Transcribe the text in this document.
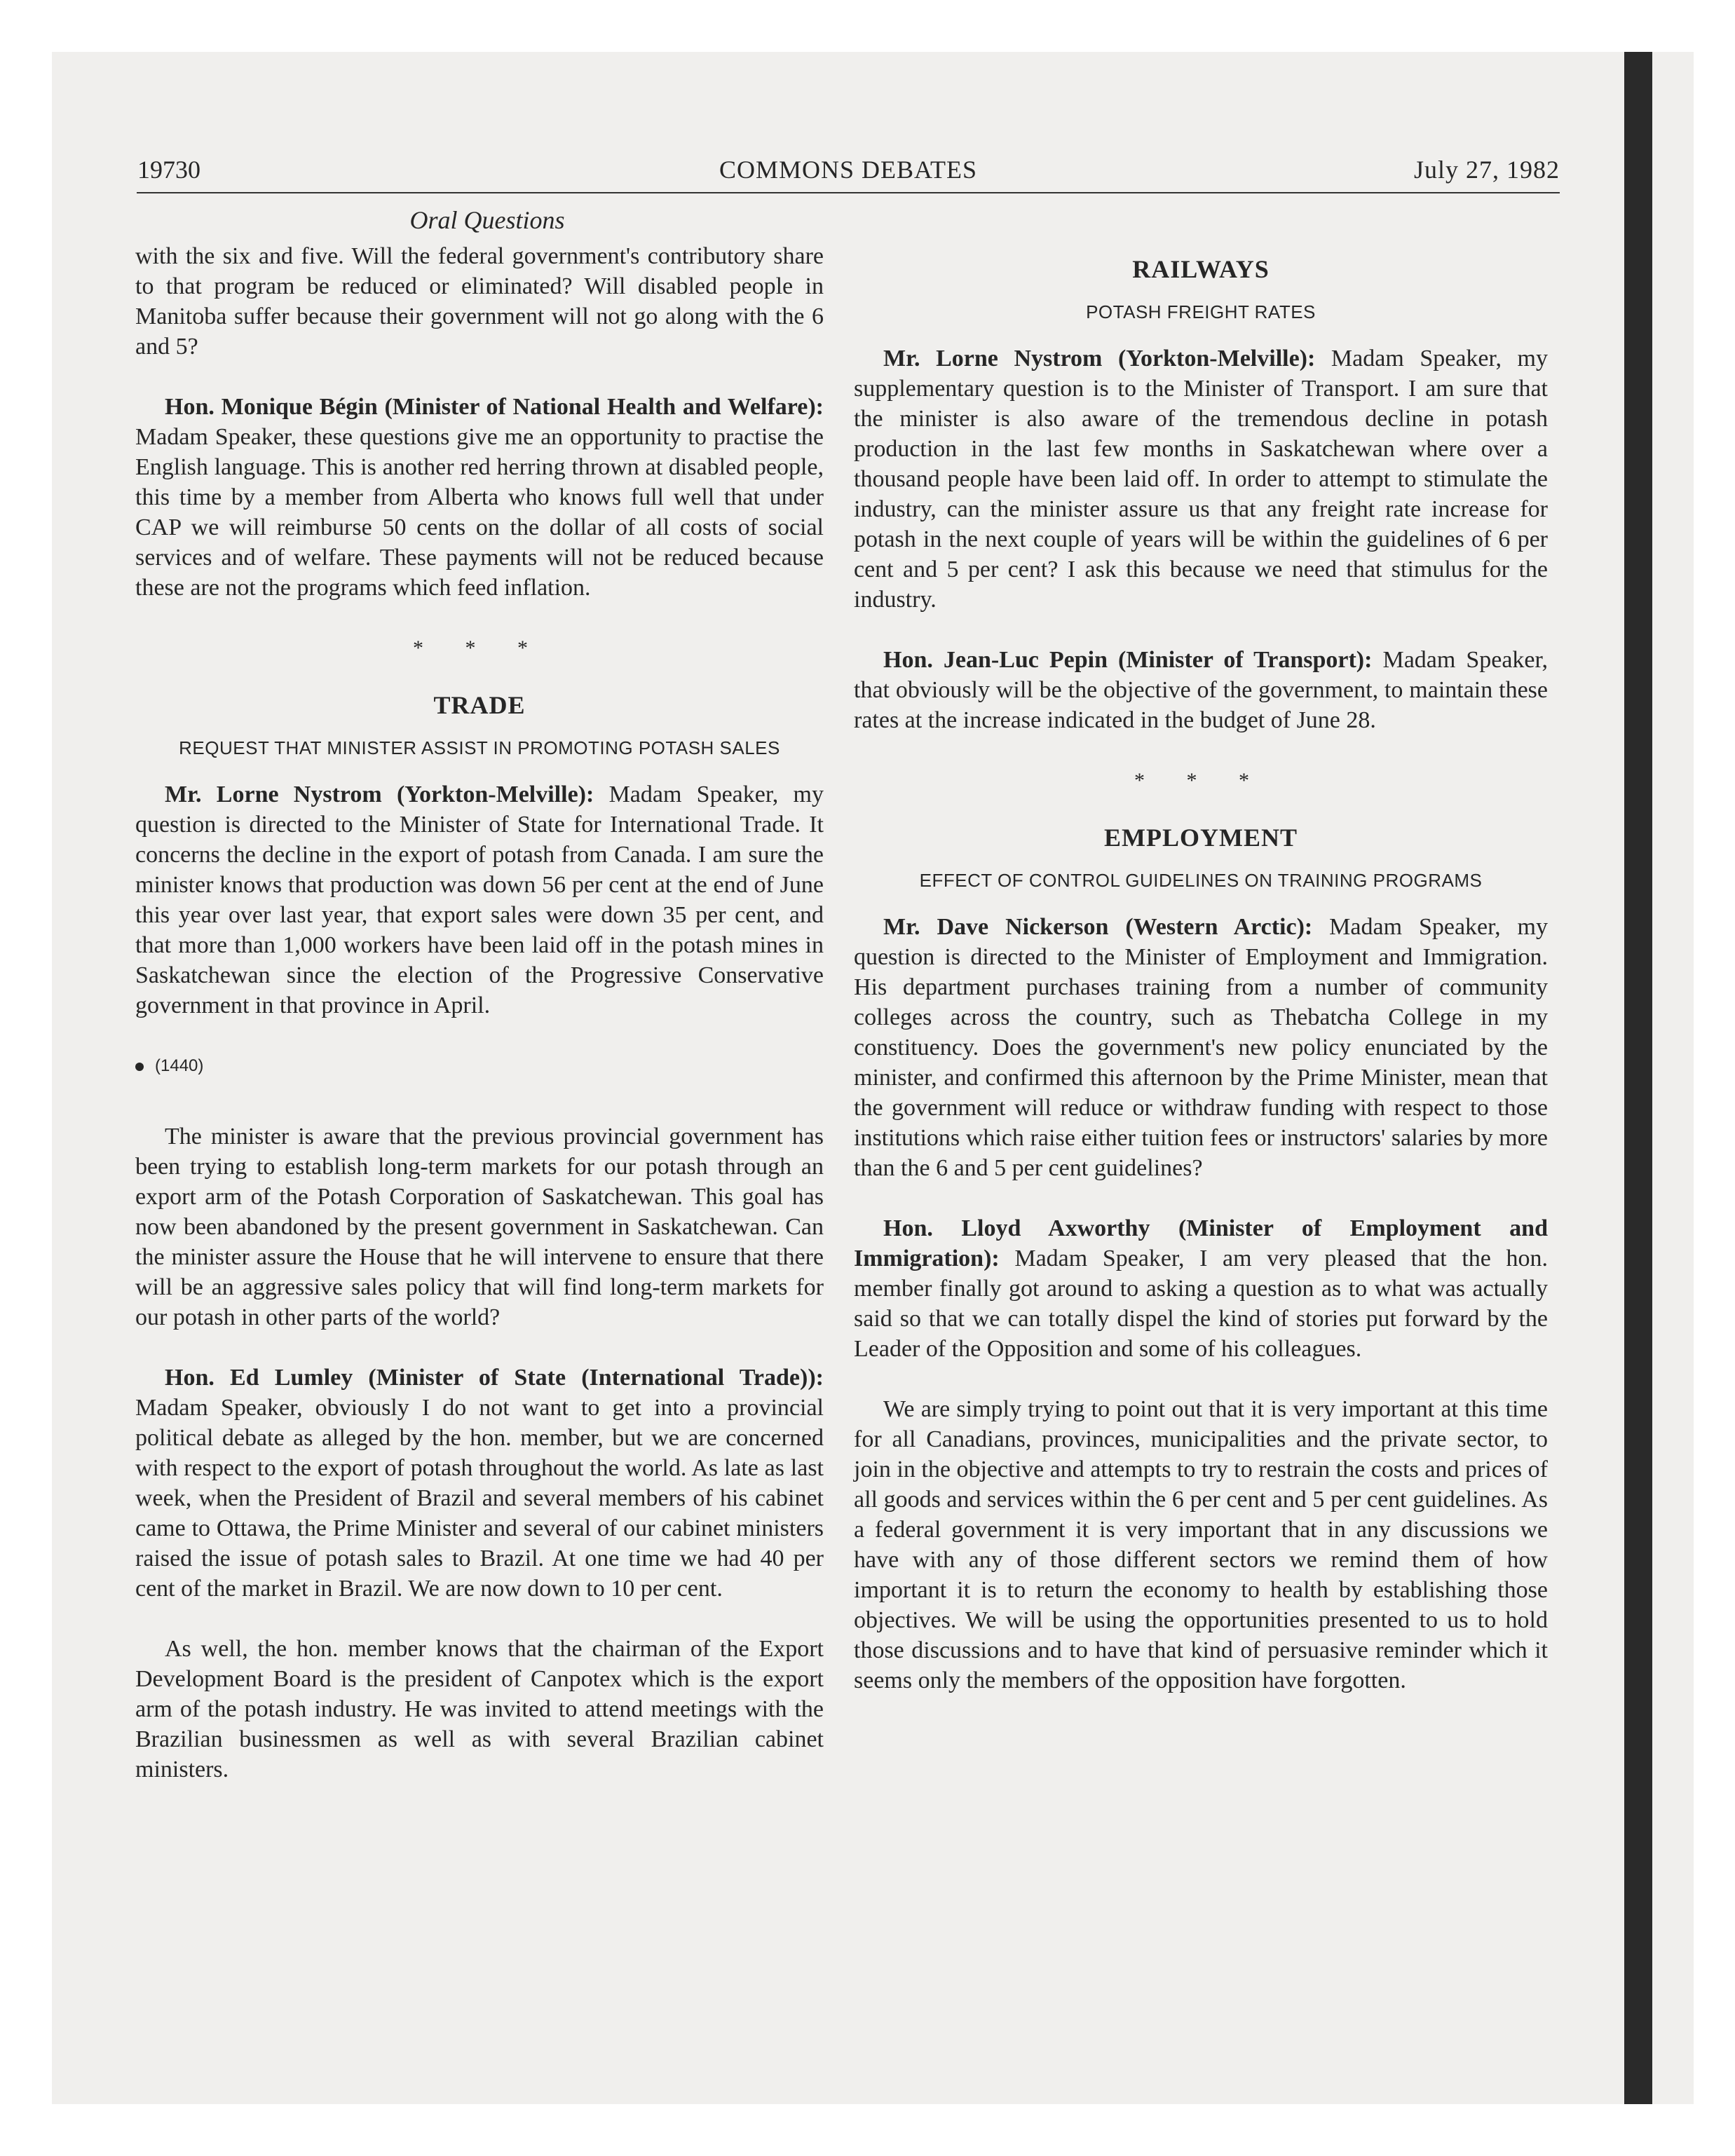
19730	COMMONS DEBATES	July 27, 1982
Oral Questions

with the six and five. Will the federal government's contributory share to that program be reduced or eliminated? Will disabled people in Manitoba suffer because their government will not go along with the 6 and 5?

Hon. Monique Bégin (Minister of National Health and Welfare): Madam Speaker, these questions give me an opportunity to practise the English language. This is another red herring thrown at disabled people, this time by a member from Alberta who knows full well that under CAP we will reimburse 50 cents on the dollar of all costs of social services and of welfare. These payments will not be reduced because these are not the programs which feed inflation.

* * *
TRADE
REQUEST THAT MINISTER ASSIST IN PROMOTING POTASH SALES

Mr. Lorne Nystrom (Yorkton-Melville): Madam Speaker, my question is directed to the Minister of State for International Trade. It concerns the decline in the export of potash from Canada. I am sure the minister knows that production was down 56 per cent at the end of June this year over last year, that export sales were down 35 per cent, and that more than 1,000 workers have been laid off in the potash mines in Saskatchewan since the election of the Progressive Conservative government in that province in April.

(1440)

The minister is aware that the previous provincial government has been trying to establish long-term markets for our potash through an export arm of the Potash Corporation of Saskatchewan. This goal has now been abandoned by the present government in Saskatchewan. Can the minister assure the House that he will intervene to ensure that there will be an aggressive sales policy that will find long-term markets for our potash in other parts of the world?

Hon. Ed Lumley (Minister of State (International Trade)): Madam Speaker, obviously I do not want to get into a provincial political debate as alleged by the hon. member, but we are concerned with respect to the export of potash throughout the world. As late as last week, when the President of Brazil and several members of his cabinet came to Ottawa, the Prime Minister and several of our cabinet ministers raised the issue of potash sales to Brazil. At one time we had 40 per cent of the market in Brazil. We are now down to 10 per cent.

As well, the hon. member knows that the chairman of the Export Development Board is the president of Canpotex which is the export arm of the potash industry. He was invited to attend meetings with the Brazilian businessmen as well as with several Brazilian cabinet ministers.

RAILWAYS
POTASH FREIGHT RATES

Mr. Lorne Nystrom (Yorkton-Melville): Madam Speaker, my supplementary question is to the Minister of Transport. I am sure that the minister is also aware of the tremendous decline in potash production in the last few months in Saskatchewan where over a thousand people have been laid off. In order to attempt to stimulate the industry, can the minister assure us that any freight rate increase for potash in the next couple of years will be within the guidelines of 6 per cent and 5 per cent? I ask this because we need that stimulus for the industry.

Hon. Jean-Luc Pepin (Minister of Transport): Madam Speaker, that obviously will be the objective of the government, to maintain these rates at the increase indicated in the budget of June 28.

* * *
EMPLOYMENT
EFFECT OF CONTROL GUIDELINES ON TRAINING PROGRAMS

Mr. Dave Nickerson (Western Arctic): Madam Speaker, my question is directed to the Minister of Employment and Immigration. His department purchases training from a number of community colleges across the country, such as Thebatcha College in my constituency. Does the government's new policy enunciated by the minister, and confirmed this afternoon by the Prime Minister, mean that the government will reduce or withdraw funding with respect to those institutions which raise either tuition fees or instructors' salaries by more than the 6 and 5 per cent guidelines?

Hon. Lloyd Axworthy (Minister of Employment and Immigration): Madam Speaker, I am very pleased that the hon. member finally got around to asking a question as to what was actually said so that we can totally dispel the kind of stories put forward by the Leader of the Opposition and some of his colleagues.

We are simply trying to point out that it is very important at this time for all Canadians, provinces, municipalities and the private sector, to join in the objective and attempts to try to restrain the costs and prices of all goods and services within the 6 per cent and 5 per cent guidelines. As a federal government it is very important that in any discussions we have with any of those different sectors we remind them of how important it is to return the economy to health by establishing those objectives. We will be using the opportunities presented to us to hold those discussions and to have that kind of persuasive reminder which it seems only the members of the opposition have forgotten.
